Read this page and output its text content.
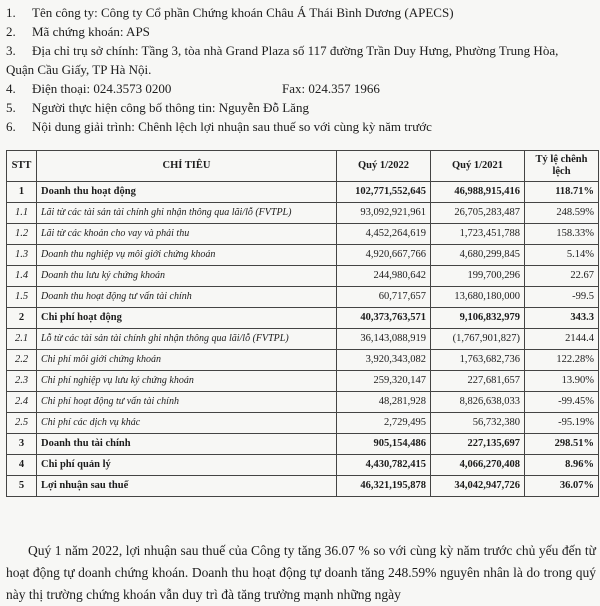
1. Tên công ty: Công ty Cổ phần Chứng khoán Châu Á Thái Bình Dương (APECS)
2. Mã chứng khoán: APS
3. Địa chỉ trụ sở chính: Tầng 3, tòa nhà Grand Plaza số 117 đường Trần Duy Hưng, Phường Trung Hòa,
Quận Cầu Giấy, TP Hà Nội.
4. Điện thoại: 024.3573 0200	Fax: 024.357 1966
5. Người thực hiện công bố thông tin: Nguyễn Đỗ Lăng
6. Nội dung giải trình: Chênh lệch lợi nhuận sau thuế so với cùng kỳ năm trước
STT	CHỈ TIÊU	Quý 1/2022	Quý 1/2021	Tỷ lệ chênh lệch
1	Doanh thu hoạt động	102,771,552,645	46,988,915,416	118.71%
1.1	Lãi từ các tài sản tài chính ghi nhận thông qua lãi/lỗ (FVTPL)	93,092,921,961	26,705,283,487	248.59%
1.2	Lãi từ các khoản cho vay và phải thu	4,452,264,619	1,723,451,788	158.33%
1.3	Doanh thu nghiệp vụ môi giới chứng khoán	4,920,667,766	4,680,299,845	5.14%
1.4	Doanh thu lưu ký chứng khoán	244,980,642	199,700,296	22.67
1.5	Doanh thu hoạt động tư vấn tài chính	60,717,657	13,680,180,000	-99.5
2	Chi phí hoạt động	40,373,763,571	9,106,832,979	343.3
2.1	Lỗ từ các tài sản tài chính ghi nhận thông qua lãi/lỗ (FVTPL)	36,143,088,919	(1,767,901,827)	2144.4
2.2	Chi phí môi giới chứng khoán	3,920,343,082	1,763,682,736	122.28%
2.3	Chi phí nghiệp vụ lưu ký chứng khoán	259,320,147	227,681,657	13.90%
2.4	Chi phí hoạt động tư vấn tài chính	48,281,928	8,826,638,033	-99.45%
2.5	Chi phí các dịch vụ khác	2,729,495	56,732,380	-95.19%
3	Doanh thu tài chính	905,154,486	227,135,697	298.51%
4	Chi phí quản lý	4,430,782,415	4,066,270,408	8.96%
5	Lợi nhuận sau thuế	46,321,195,878	34,042,947,726	36.07%
Quý 1 năm 2022, lợi nhuận sau thuế của Công ty tăng 36.07 % so với cùng kỳ năm trước chủ yếu đến từ hoạt động tự doanh chứng khoán. Doanh thu hoạt động tự doanh tăng 248.59% nguyên nhân là do trong quý này thị trường chứng khoán vẫn duy trì đà tăng trưởng mạnh những ngày
